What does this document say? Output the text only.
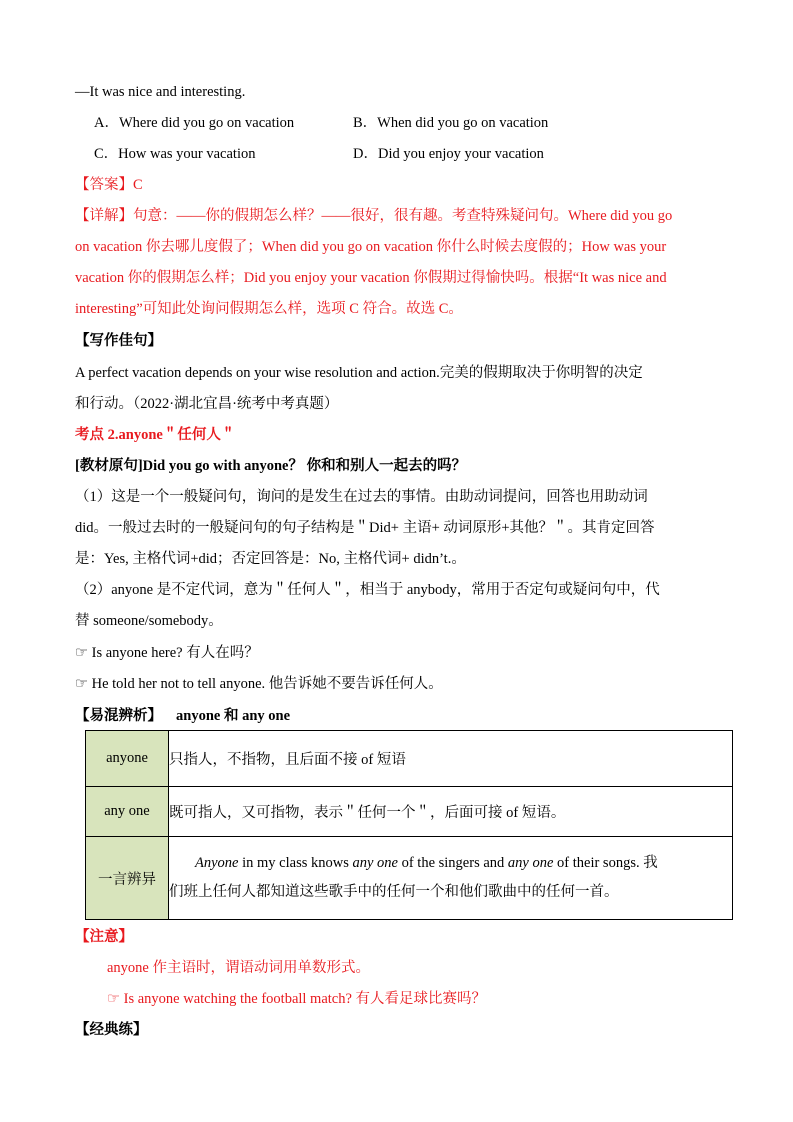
—It was nice and interesting.
A．Where did you go on vacation	B．When did you go on vacation
C．How was your vacation	D．Did you enjoy your vacation
【答案】C
【详解】句意：——你的假期怎么样？——很好，很有趣。考查特殊疑问句。Where did you go
on vacation 你去哪儿度假了；When did you go on vacation 你什么时候去度假的；How was your
vacation 你的假期怎么样；Did you enjoy your vacation 你假期过得愉快吗。根据“It was nice and
interesting”可知此处询问假期怎么样，选项 C 符合。故选 C。
【写作佳句】
A perfect vacation depends on your wise resolution and action.完美的假期取决于你明智的决定
和行动。（2022·湖北宜昌·统考中考真题）
考点 2.anyone＂任何人＂
[教材原句]Did you go with anyone？ 你和和别人一起去的吗？
（1）这是一个一般疑问句，询问的是发生在过去的事情。由助动词提问，回答也用助动词
did。一般过去时的一般疑问句的句子结构是＂Did+ 主语+ 动词原形+其他？＂。其肯定回答
是：Yes, 主格代词+did；否定回答是：No, 主格代词+ didn’t.。
（2）anyone 是不定代词，意为＂任何人＂，相当于 anybody，常用于否定句或疑问句中，代
替 someone/somebody。
☞ Is anyone here? 有人在吗？
☞ He told her not to tell anyone. 他告诉她不要告诉任何人。
【易混辨析】 anyone 和 any one
anyone	只指人，不指物，且后面不接 of 短语
any one	既可指人，又可指物，表示＂任何一个＂，后面可接 of 短语。
一言辨异	Anyone in my class knows any one of the singers and any one of their songs. 我
们班上任何人都知道这些歌手中的任何一个和他们歌曲中的任何一首。
【注意】
anyone 作主语时，谓语动词用单数形式。
☞ Is anyone watching the football match? 有人看足球比赛吗？
【经典练】
